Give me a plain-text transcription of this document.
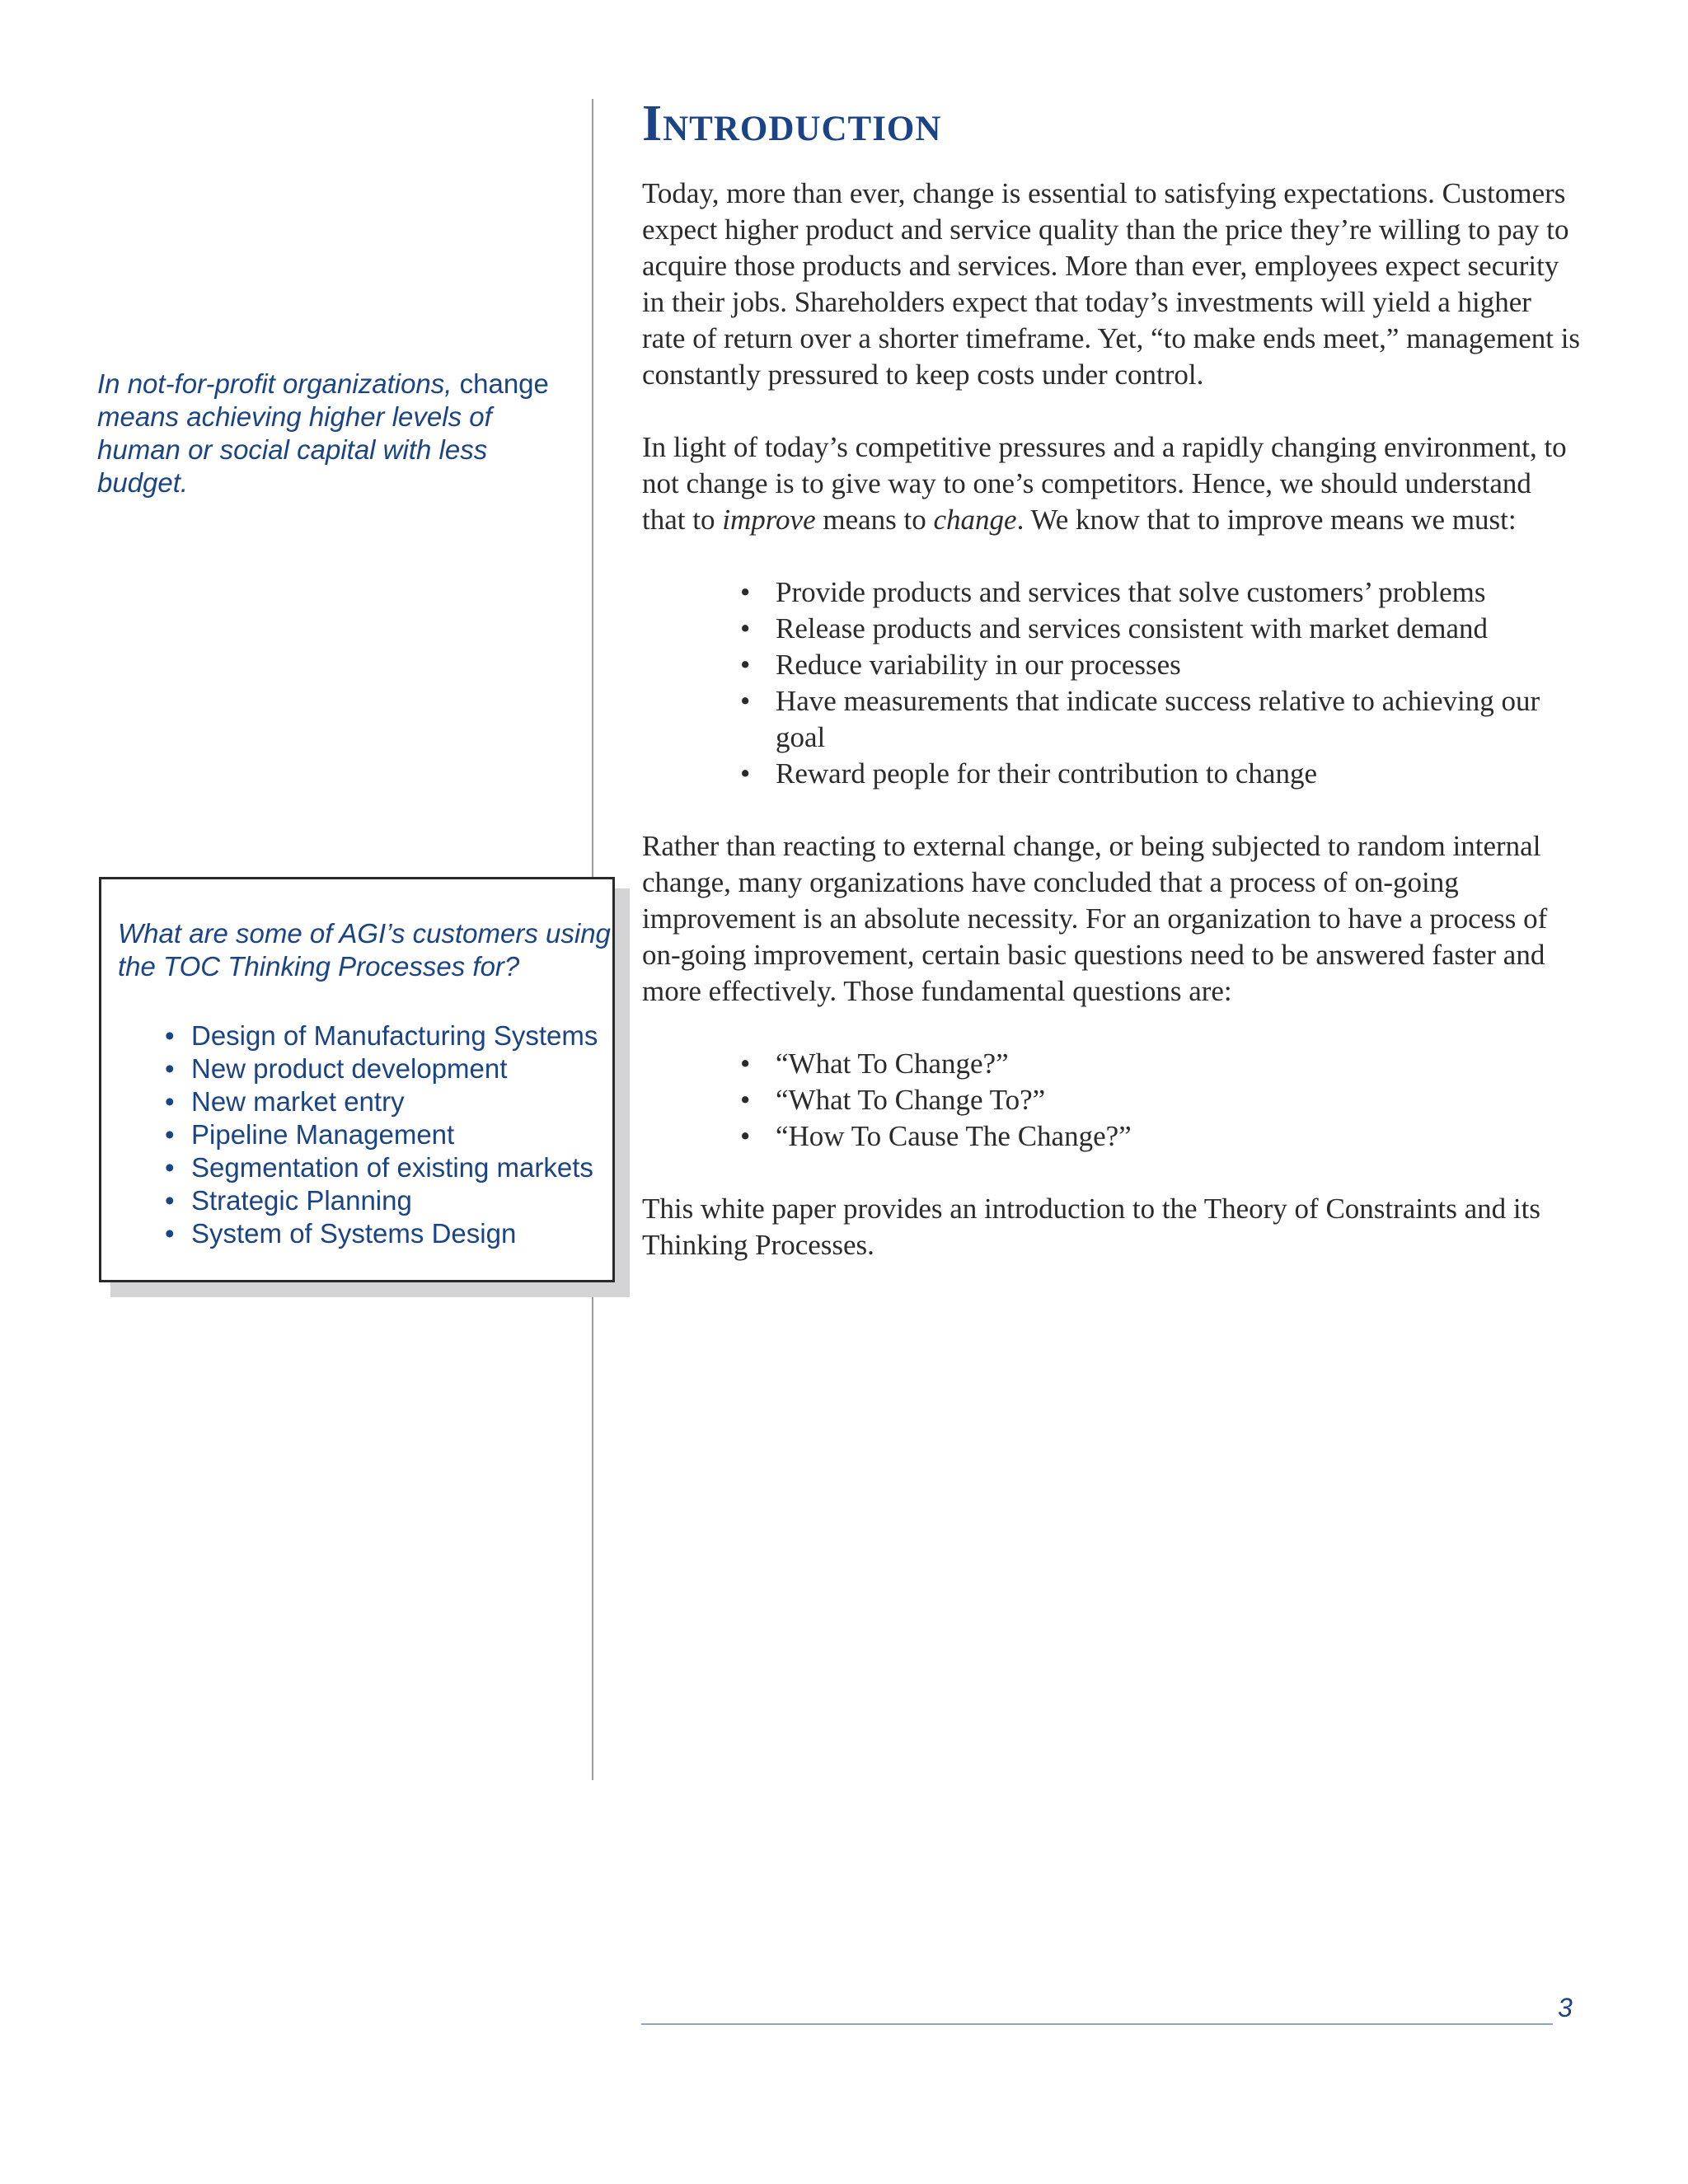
In not-for-profit organizations, change means achieving higher levels of human or social capital with less budget.

What are some of AGI’s customers using the TOC Thinking Processes for?

• Design of Manufacturing Systems
• New product development
• New market entry
• Pipeline Management
• Segmentation of existing markets
• Strategic Planning
• System of Systems Design
Introduction

Today, more than ever, change is essential to satisfying expectations. Customers expect higher product and service quality than the price they’re willing to pay to acquire those products and services. More than ever, employees expect security in their jobs. Shareholders expect that today’s investments will yield a higher rate of return over a shorter timeframe. Yet, “to make ends meet,” management is constantly pressured to keep costs under control.

In light of today’s competitive pressures and a rapidly changing environment, to not change is to give way to one’s competitors. Hence, we should understand that to improve means to change. We know that to improve means we must:

• Provide products and services that solve customers’ problems
• Release products and services consistent with market demand
• Reduce variability in our processes
• Have measurements that indicate success relative to achieving our goal
• Reward people for their contribution to change

Rather than reacting to external change, or being subjected to random internal change, many organizations have concluded that a process of on-going improvement is an absolute necessity. For an organization to have a process of on-going improvement, certain basic questions need to be answered faster and more effectively. Those fundamental questions are:

• “What To Change?”
• “What To Change To?”
• “How To Cause The Change?”

This white paper provides an introduction to the Theory of Constraints and its Thinking Processes.

3
